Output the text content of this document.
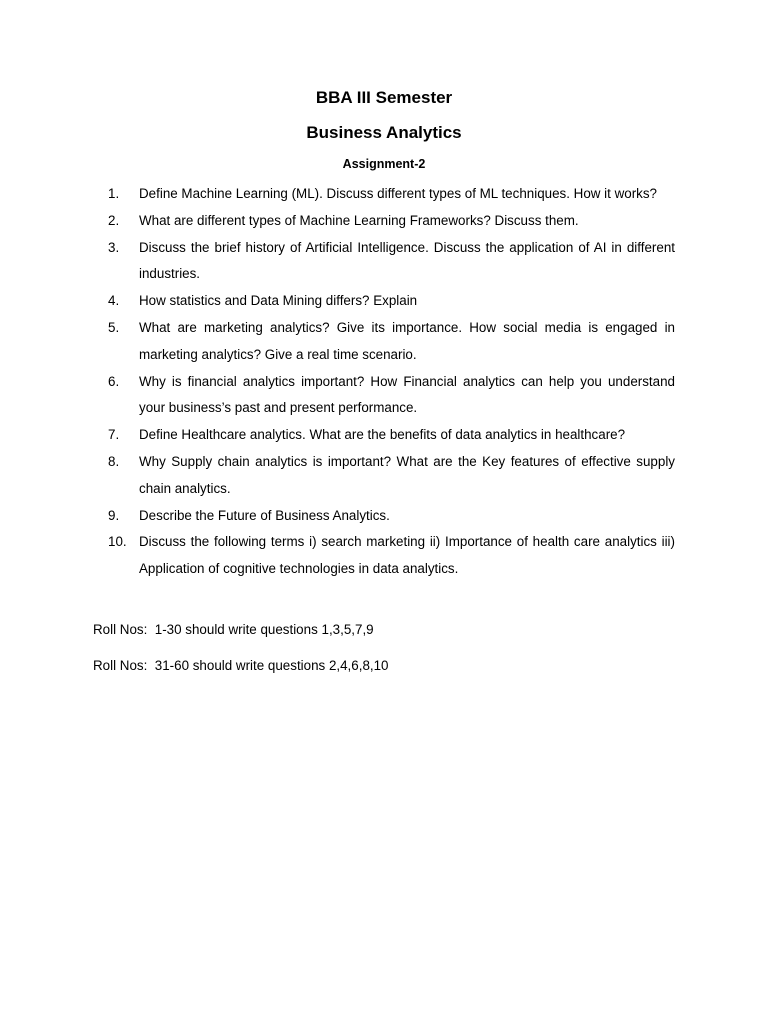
BBA III Semester
Business Analytics
Assignment-2
1.	Define Machine Learning (ML). Discuss different types of ML techniques. How it works?
2.	What are different types of Machine Learning Frameworks? Discuss them.
3.	Discuss the brief history of Artificial Intelligence. Discuss the application of AI in different industries.
4.	How statistics and Data Mining differs? Explain
5.	What are marketing analytics? Give its importance. How social media is engaged in marketing analytics? Give a real time scenario.
6.	Why is financial analytics important? How Financial analytics can help you understand your business’s past and present performance.
7.	Define Healthcare analytics. What are the benefits of data analytics in healthcare?
8.	Why Supply chain analytics is important? What are the Key features of effective supply chain analytics.
9.	Describe the Future of Business Analytics.
10. Discuss the following terms i) search marketing ii) Importance of health care analytics iii) Application of cognitive technologies in data analytics.
Roll Nos:  1-30 should write questions 1,3,5,7,9
Roll Nos:  31-60 should write questions 2,4,6,8,10
